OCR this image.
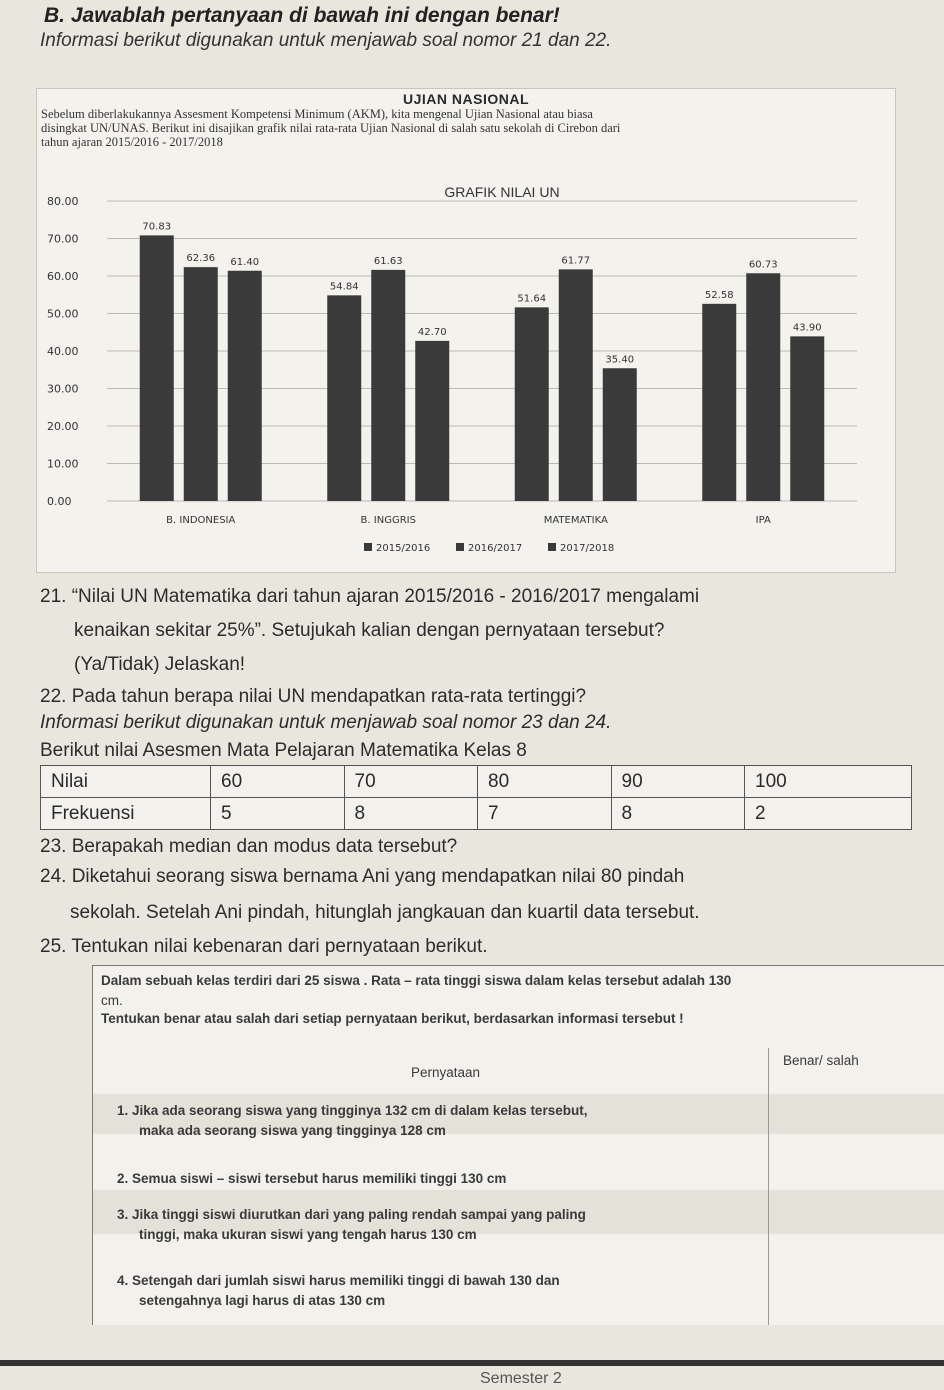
B. Jawablah pertanyaan di bawah ini dengan benar!
Informasi berikut digunakan untuk menjawab soal nomor 21 dan 22.
UJIAN NASIONAL
Sebelum diberlakukannya Assesment Kompetensi Minimum (AKM), kita mengenal Ujian Nasional atau biasa
disingkat UN/UNAS. Berikut ini disajikan grafik nilai rata-rata Ujian Nasional di salah satu sekolah di Cirebon dari
tahun ajaran 2015/2016 - 2017/2018
GRAFIK NILAI UN
0.00
10.00
20.00
30.00
40.00
50.00
60.00
70.00
80.00
70.83
62.36 61.40
B. INDONESIA
54.84
61.63
42.70
B. INGGRIS
51.64
61.77
35.40
MATEMATIKA
52.58
60.73
43.90
IPA
2015/2016	2016/2017	2017/2018
21. “Nilai UN Matematika dari tahun ajaran 2015/2016 - 2016/2017 mengalami
kenaikan sekitar 25%”. Setujukah kalian dengan pernyataan tersebut?
(Ya/Tidak) Jelaskan!
22. Pada tahun berapa nilai UN mendapatkan rata-rata tertinggi?
Informasi berikut digunakan untuk menjawab soal nomor 23 dan 24.
Berikut nilai Asesmen Mata Pelajaran Matematika Kelas 8
Nilai	60	70	80	90	100
Frekuensi	5	8	7	8	2
23. Berapakah median dan modus data tersebut?
24. Diketahui seorang siswa bernama Ani yang mendapatkan nilai 80 pindah
sekolah. Setelah Ani pindah, hitunglah jangkauan dan kuartil data tersebut.
25. Tentukan nilai kebenaran dari pernyataan berikut.
Dalam sebuah kelas terdiri dari 25 siswa . Rata – rata tinggi siswa dalam kelas tersebut adalah 130
cm.
Tentukan benar atau salah dari setiap pernyataan berikut, berdasarkan informasi tersebut !
Pernyataan
Benar/ salah
1. Jika ada seorang siswa yang tingginya 132 cm di dalam kelas tersebut,
maka ada seorang siswa yang tingginya 128 cm
2. Semua siswi – siswi tersebut harus memiliki tinggi 130 cm
3. Jika tinggi siswi diurutkan dari yang paling rendah sampai yang paling
tinggi, maka ukuran siswi yang tengah harus 130 cm
4. Setengah dari jumlah siswi harus memiliki tinggi di bawah 130 dan
setengahnya lagi harus di atas 130 cm
Semester 2
